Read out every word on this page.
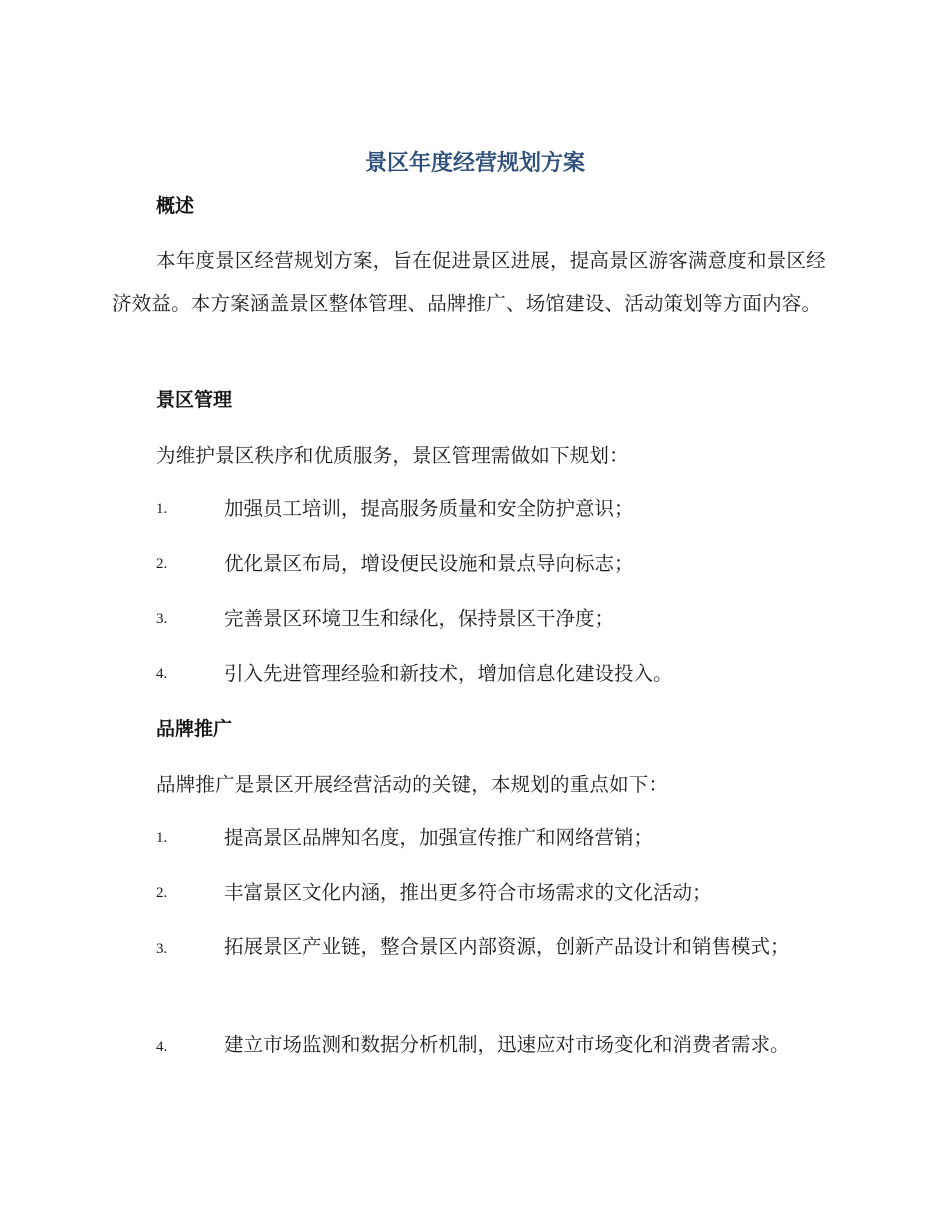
景区年度经营规划方案
概述
本年度景区经营规划方案，旨在促进景区进展，提高景区游客满意度和景区经济效益。本方案涵盖景区整体管理、品牌推广、场馆建设、活动策划等方面内容。
景区管理
为维护景区秩序和优质服务，景区管理需做如下规划：
1.	加强员工培训，提高服务质量和安全防护意识；
2.	优化景区布局，增设便民设施和景点导向标志；
3.	完善景区环境卫生和绿化，保持景区干净度；
4.	引入先进管理经验和新技术，增加信息化建设投入。
品牌推广
品牌推广是景区开展经营活动的关键，本规划的重点如下：
1.	提高景区品牌知名度，加强宣传推广和网络营销；
2.	丰富景区文化内涵，推出更多符合市场需求的文化活动；
3.	拓展景区产业链，整合景区内部资源，创新产品设计和销售模式；
4.	建立市场监测和数据分析机制，迅速应对市场变化和消费者需求。
